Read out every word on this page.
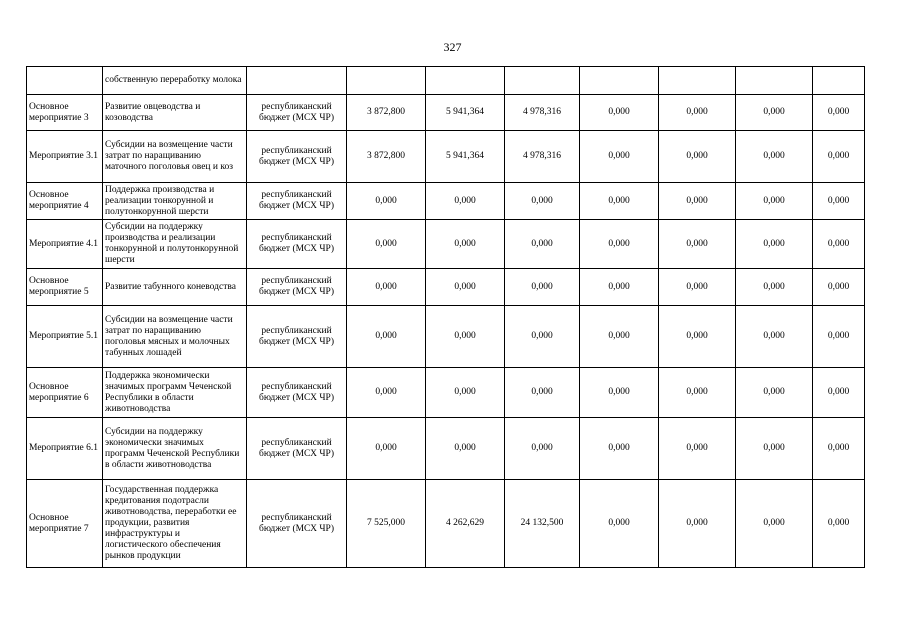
327
	собственную переработку молока								
Основное мероприятие 3	Развитие овцеводства и козоводства	республиканский бюджет (МСХ ЧР)	3 872,800	5 941,364	4 978,316	0,000	0,000	0,000	0,000
Мероприятие 3.1	Субсидии на возмещение части затрат по наращиванию маточного поголовья овец и коз	республиканский бюджет (МСХ ЧР)	3 872,800	5 941,364	4 978,316	0,000	0,000	0,000	0,000
Основное мероприятие 4	Поддержка производства и реализации тонкорунной и полутонкорунной шерсти	республиканский бюджет (МСХ ЧР)	0,000	0,000	0,000	0,000	0,000	0,000	0,000
Мероприятие 4.1	Субсидии на поддержку производства и реализации тонкорунной и полутонкорунной шерсти	республиканский бюджет (МСХ ЧР)	0,000	0,000	0,000	0,000	0,000	0,000	0,000
Основное мероприятие 5	Развитие табунного коневодства	республиканский бюджет (МСХ ЧР)	0,000	0,000	0,000	0,000	0,000	0,000	0,000
Мероприятие 5.1	Субсидии на возмещение части затрат по наращиванию поголовья мясных и молочных табунных лошадей	республиканский бюджет (МСХ ЧР)	0,000	0,000	0,000	0,000	0,000	0,000	0,000
Основное мероприятие 6	Поддержка экономически значимых программ Чеченской Республики в области животноводства	республиканский бюджет (МСХ ЧР)	0,000	0,000	0,000	0,000	0,000	0,000	0,000
Мероприятие 6.1	Субсидии на поддержку экономически значимых программ Чеченской Республики в области животноводства	республиканский бюджет (МСХ ЧР)	0,000	0,000	0,000	0,000	0,000	0,000	0,000
Основное мероприятие 7	Государственная поддержка кредитования подотрасли животноводства, переработки ее продукции, развития инфраструктуры и логистического обеспечения рынков продукции	республиканский бюджет (МСХ ЧР)	7 525,000	4 262,629	24 132,500	0,000	0,000	0,000	0,000
